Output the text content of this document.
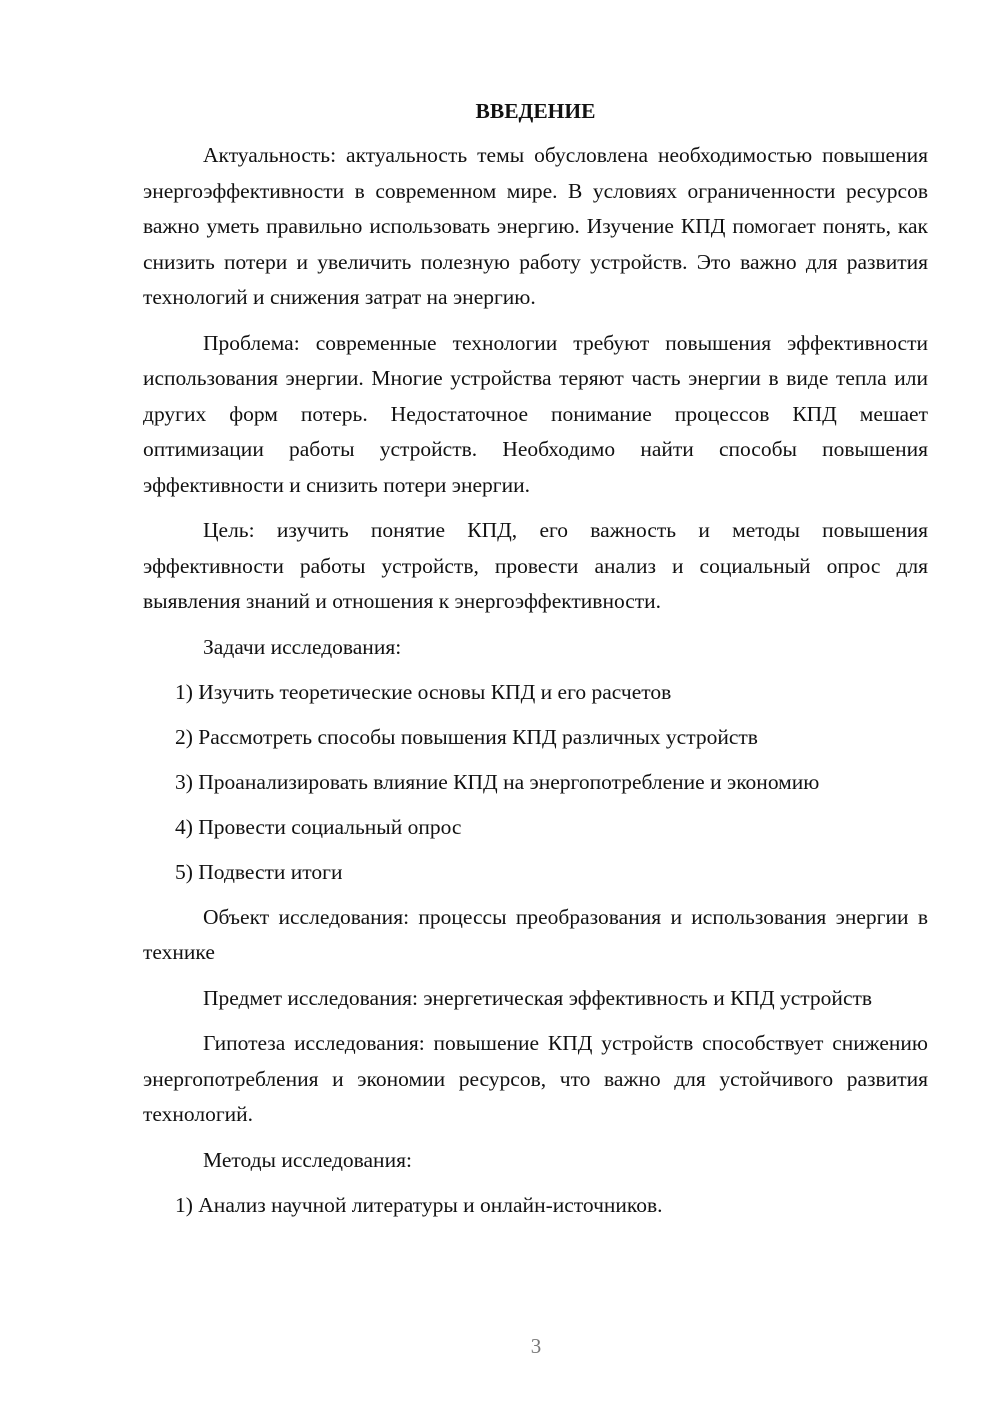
ВВЕДЕНИЕ

Актуальность: актуальность темы обусловлена необходимостью повышения энергоэффективности в современном мире. В условиях ограниченности ресурсов важно уметь правильно использовать энергию. Изучение КПД помогает понять, как снизить потери и увеличить полезную работу устройств. Это важно для развития технологий и снижения затрат на энергию.

Проблема: современные технологии требуют повышения эффективности использования энергии. Многие устройства теряют часть энергии в виде тепла или других форм потерь. Недостаточное понимание процессов КПД мешает оптимизации работы устройств. Необходимо найти способы повышения эффективности и снизить потери энергии.

Цель: изучить понятие КПД, его важность и методы повышения эффективности работы устройств, провести анализ и социальный опрос для выявления знаний и отношения к энергоэффективности.

Задачи исследования:
1) Изучить теоретические основы КПД и его расчетов
2) Рассмотреть способы повышения КПД различных устройств
3) Проанализировать влияние КПД на энергопотребление и экономию
4) Провести социальный опрос
5) Подвести итоги

Объект исследования: процессы преобразования и использования энергии в технике

Предмет исследования: энергетическая эффективность и КПД устройств

Гипотеза исследования: повышение КПД устройств способствует снижению энергопотребления и экономии ресурсов, что важно для устойчивого развития технологий.

Методы исследования:
1) Анализ научной литературы и онлайн-источников.
3
